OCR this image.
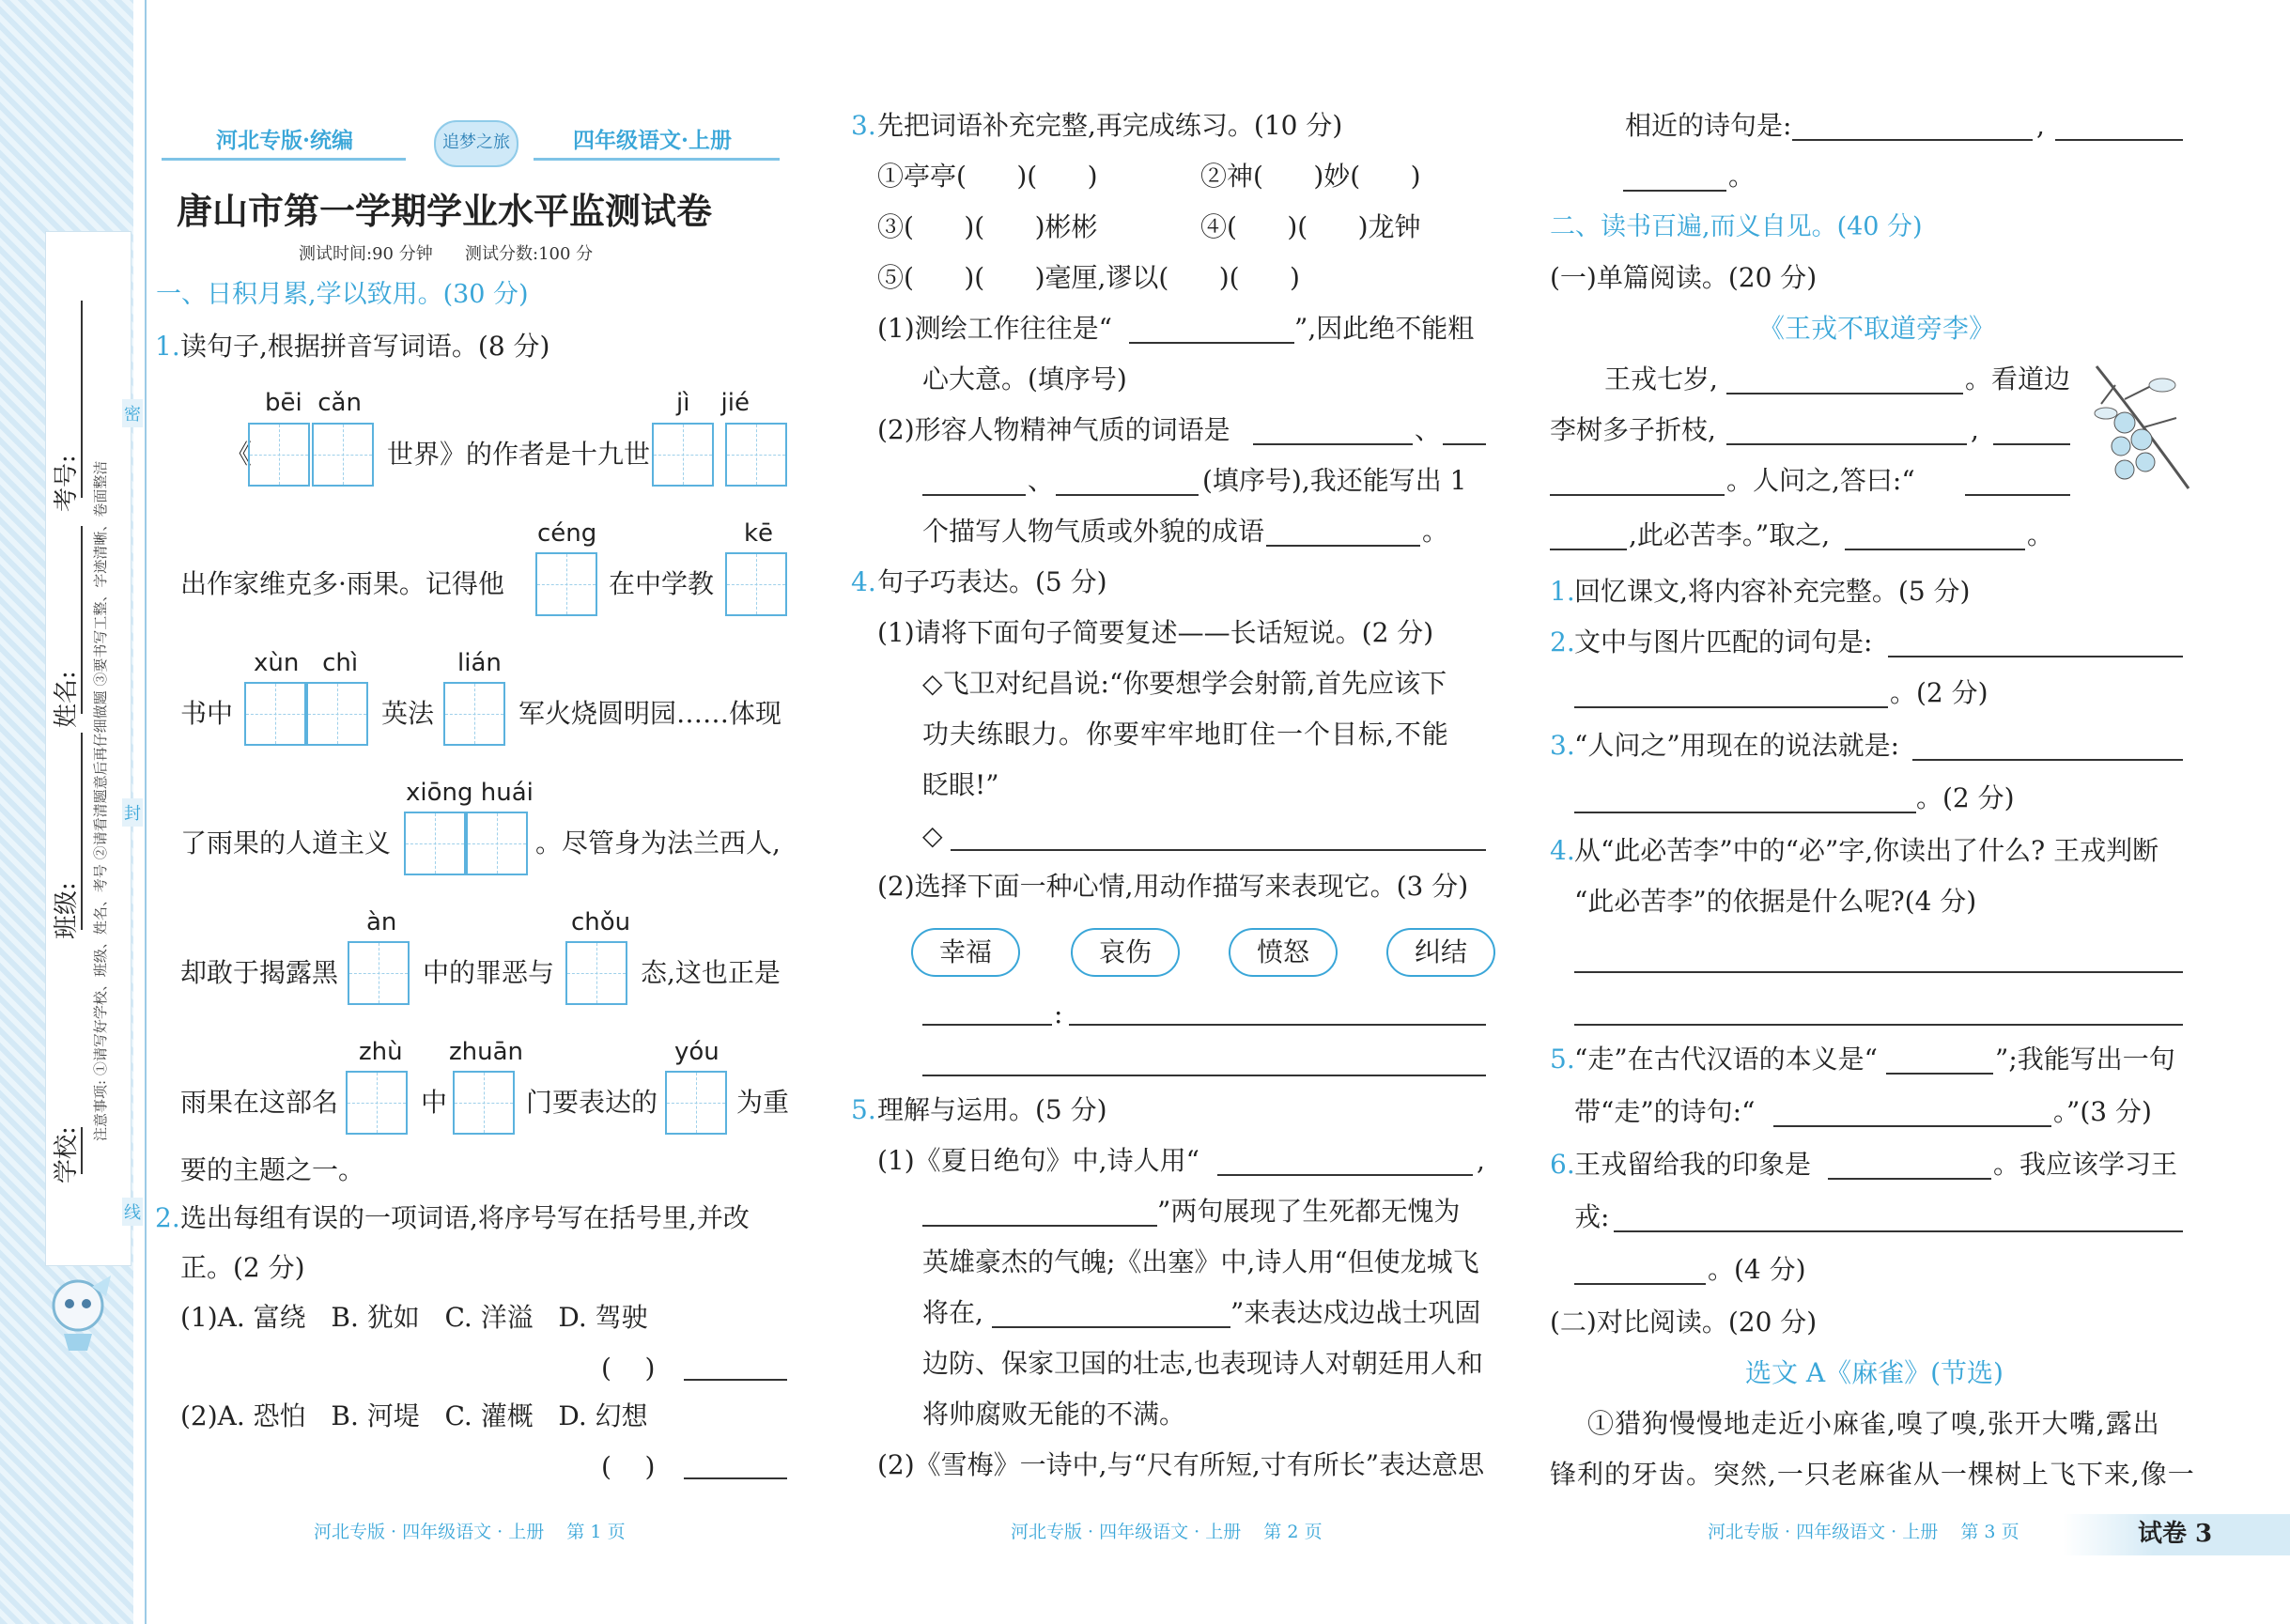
学校:
班级:
姓名:
考号: 注意事项: ①请写好学校、班级、姓名、考号 ②请看清题意后再仔细做题 ③要书写工整、字迹清晰、卷面整洁
密
封
线
河北专版·统编	追梦之旅	四年级语文·上册
唐山市第一学期学业水平监测试卷
测试时间:90 分钟      测试分数:100 分
一、日积月累,学以致用。(30 分)
1. 读句子,根据拼音写词语。(8 分)
bēi  cǎn	jì    jié
《	世界》的作者是十九世
céng	kē
出作家维克多·雨果。记得他	在中学教
xùn   chì	lián
书中	英法	军火烧圆明园……体现
xiōng huái
了雨果的人道主义	。尽管身为法兰西人,
àn	chǒu
却敢于揭露黑	中的罪恶与	态,这也正是
zhù zhuān	yóu
雨果在这部名	中	门要表达的	为重
要的主题之一。
2. 选出每组有误的一项词语,将序号写在括号里,并改
正。(2 分)
(1)A. 富绕   B. 犹如   C. 洋溢   D. 驾驶
(    )
(2)A. 恐怕   B. 河堤   C. 灌概   D. 幻想
(    )
河北专版 · 四年级语文 · 上册    第 1 页
3. 先把词语补充完整,再完成练习。(10 分)
①亭亭(      )(      )	②神(      )妙(      )
③(      )(      )彬彬	④(      )(      )龙钟
⑤(      )(      )毫厘,谬以(      )(      )
(1)测绘工作往往是“	”,因此绝不能粗
心大意。(填序号)
(2)形容人物精神气质的词语是	、
、	(填序号),我还能写出 1
个描写人物气质或外貌的成语	。
4. 句子巧表达。(5 分)
(1)请将下面句子简要复述——长话短说。(2 分)
◇飞卫对纪昌说:“你要想学会射箭,首先应该下
功夫练眼力。你要牢牢地盯住一个目标,不能
眨眼!”
◇
(2)选择下面一种心情,用动作描写来表现它。(3 分)
幸福	哀伤	愤怒	纠结
:
5. 理解与运用。(5 分)
(1)《夏日绝句》中,诗人用“	,
”两句展现了生死都无愧为
英雄豪杰的气魄;《出塞》中,诗人用“但使龙城飞
将在,	”来表达戍边战士巩固
边防、保家卫国的壮志,也表现诗人对朝廷用人和
将帅腐败无能的不满。
(2)《雪梅》一诗中,与“尺有所短,寸有所长”表达意思
河北专版 · 四年级语文 · 上册    第 2 页
相近的诗句是:	,
。
二、读书百遍,而义自见。(40 分)
(一)单篇阅读。(20 分)
《王戎不取道旁李》
王戎七岁,	。看道边
李树多子折枝,	,
。人问之,答曰:“
,此必苦李。”取之,	。
1. 回忆课文,将内容补充完整。(5 分)
2. 文中与图片匹配的词句是:
。(2 分)
3. “人问之”用现在的说法就是:
。(2 分)
4. 从“此必苦李”中的“必”字,你读出了什么? 王戎判断
“此必苦李”的依据是什么呢?(4 分)
5. “走”在古代汉语的本义是“	”;我能写出一句
带“走”的诗句:“	。”(3 分)
6. 王戎留给我的印象是	。我应该学习王
戎:
。(4 分)
(二)对比阅读。(20 分)
选文 A《麻雀》(节选)
①猎狗慢慢地走近小麻雀,嗅了嗅,张开大嘴,露出
锋利的牙齿。突然,一只老麻雀从一棵树上飞下来,像一
河北专版 · 四年级语文 · 上册    第 3 页	试卷 3
